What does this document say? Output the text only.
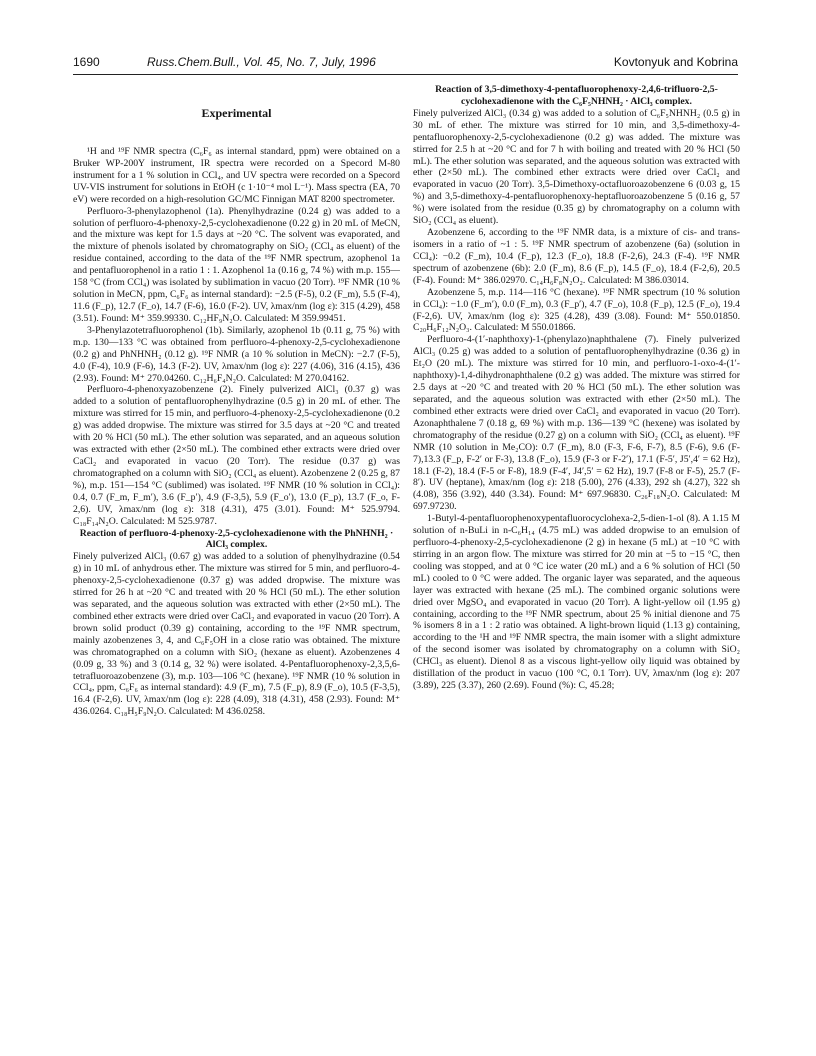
1690	Russ.Chem.Bull., Vol. 45, No. 7, July, 1996	Kovtonyuk and Kobrina
Experimental

¹H and ¹⁹F NMR spectra (C₆F₆ as internal standard, ppm) were obtained on a Bruker WP-200Y instrument, IR spectra were recorded on a Specord M-80 instrument for a 1 % solution in CCl₄, and UV spectra were recorded on a Specord UV-VIS instrument for solutions in EtOH (c 1·10⁻⁴ mol L⁻¹). Mass spectra (EA, 70 eV) were recorded on a high-resolution GC/MC Finnigan MAT 8200 spectrometer.

Perfluoro-3-phenylazophenol (1a). Phenylhydrazine (0.24 g) was added to a solution of perfluoro-4-phenoxy-2,5-cyclohexadienone (0.22 g) in 20 mL of MeCN, and the mixture was kept for 1.5 days at ~20 °C. The solvent was evaporated, and the mixture of phenols isolated by chromatography on SiO₂ (CCl₄ as eluent) of the residue contained, according to the data of the ¹⁹F NMR spectrum, azophenol 1a and pentafluorophenol in a ratio 1 : 1. Azophenol 1a (0.16 g, 74 %) with m.p. 155—158 °C (from CCl₄) was isolated by sublimation in vacuo (20 Torr). ¹⁹F NMR (10 % solution in MeCN, ppm, C₆F₆ as internal standard): −2.5 (F-5), 0.2 (F_m), 5.5 (F-4), 11.6 (F_p), 12.7 (F_o), 14.7 (F-6), 16.0 (F-2). UV, λmax/nm (log ε): 315 (4.29), 458 (3.51). Found: M⁺ 359.99330. C₁₂HF₉N₂O. Calculated: M 359.99451.

3-Phenylazotetrafluorophenol (1b). Similarly, azophenol 1b (0.11 g, 75 %) with m.p. 130—133 °C was obtained from perfluoro-4-phenoxy-2,5-cyclohexadienone (0.2 g) and PhNHNH₂ (0.12 g). ¹⁹F NMR (a 10 % solution in MeCN): −2.7 (F-5), 4.0 (F-4), 10.9 (F-6), 14.3 (F-2). UV, λmax/nm (log ε): 227 (4.06), 316 (4.15), 436 (2.93). Found: M⁺ 270.04260. C₁₂H₆F₄N₂O. Calculated: M 270.04162.

Perfluoro-4-phenoxyazobenzene (2). Finely pulverized AlCl₃ (0.37 g) was added to a solution of pentafluorophenylhydrazine (0.5 g) in 20 mL of ether. The mixture was stirred for 15 min, and perfluoro-4-phenoxy-2,5-cyclohexadienone (0.2 g) was added dropwise. The mixture was stirred for 3.5 days at ~20 °C and treated with 20 % HCl (50 mL). The ether solution was separated, and an aqueous solution was extracted with ether (2×50 mL). The combined ether extracts were dried over CaCl₂ and evaporated in vacuo (20 Torr). The residue (0.37 g) was chromatographed on a column with SiO₂ (CCl₄ as eluent). Azobenzene 2 (0.25 g, 87 %), m.p. 151—154 °C (sublimed) was isolated. ¹⁹F NMR (10 % solution in CCl₄): 0.4, 0.7 (F_m, F_m′), 3.6 (F_p′), 4.9 (F-3,5), 5.9 (F_o′), 13.0 (F_p), 13.7 (F_o, F-2,6). UV, λmax/nm (log ε): 318 (4.31), 475 (3.01). Found: M⁺ 525.9794. C₁₈F₁₄N₂O. Calculated: M 525.9787.

Reaction of perfluoro-4-phenoxy-2,5-cyclohexadienone with the PhNHNH₂ · AlCl₃ complex.

Finely pulverized AlCl₃ (0.67 g) was added to a solution of phenylhydrazine (0.54 g) in 10 mL of anhydrous ether. The mixture was stirred for 5 min, and perfluoro-4-phenoxy-2,5-cyclohexadienone (0.37 g) was added dropwise. The mixture was stirred for 26 h at ~20 °C and treated with 20 % HCl (50 mL). The ether solution was separated, and the aqueous solution was extracted with ether (2×50 mL). The combined ether extracts were dried over CaCl₂ and evaporated in vacuo (20 Torr). A brown solid product (0.39 g) containing, according to the ¹⁹F NMR spectrum, mainly azobenzenes 3, 4, and C₆F₅OH in a close ratio was obtained. The mixture was chromatographed on a column with SiO₂ (hexane as eluent). Azobenzenes 4 (0.09 g, 33 %) and 3 (0.14 g, 32 %) were isolated. 4-Pentafluorophenoxy-2,3,5,6-tetrafluoroazobenzene (3), m.p. 103—106 °C (hexane). ¹⁹F NMR (10 % solution in CCl₄, ppm, C₆F₆ as internal standard): 4.9 (F_m), 7.5 (F_p), 8.9 (F_o), 10.5 (F-3,5), 16.4 (F-2,6). UV, λmax/nm (log ε): 228 (4.09), 318 (4.31), 458 (2.93). Found: M⁺ 436.0264. C₁₈H₅F₉N₂O. Calculated: M 436.0258.

Reaction of 3,5-dimethoxy-4-pentafluorophenoxy-2,4,6-trifluoro-2,5-cyclohexadienone with the C₆F₅NHNH₂ · AlCl₃ complex.

Finely pulverized AlCl₃ (0.34 g) was added to a solution of C₆F₅NHNH₂ (0.5 g) in 30 mL of ether. The mixture was stirred for 10 min, and 3,5-dimethoxy-4-pentafluorophenoxy-2,5-cyclohexadienone (0.2 g) was added. The mixture was stirred for 2.5 h at ~20 °C and for 7 h with boiling and treated with 20 % HCl (50 mL). The ether solution was separated, and the aqueous solution was extracted with ether (2×50 mL). The combined ether extracts were dried over CaCl₂ and evaporated in vacuo (20 Torr). 3,5-Dimethoxy-octafluoroazobenzene 6 (0.03 g, 15 %) and 3,5-dimethoxy-4-pentafluorophenoxy-heptafluoroazobenzene 5 (0.16 g, 57 %) were isolated from the residue (0.35 g) by chromatography on a column with SiO₂ (CCl₄ as eluent).

Azobenzene 6, according to the ¹⁹F NMR data, is a mixture of cis- and trans-isomers in a ratio of ~1 : 5. ¹⁹F NMR spectrum of azobenzene (6a) (solution in CCl₄): −0.2 (F_m), 10.4 (F_p), 12.3 (F_o), 18.8 (F-2,6), 24.3 (F-4). ¹⁹F NMR spectrum of azobenzene (6b): 2.0 (F_m), 8.6 (F_p), 14.5 (F_o), 18.4 (F-2,6), 20.5 (F-4). Found: M⁺ 386.02970. C₁₄H₆F₈N₂O₂. Calculated: M 386.03014.

Azobenzene 5, m.p. 114—116 °C (hexane). ¹⁹F NMR spectrum (10 % solution in CCl₄): −1.0 (F_m′), 0.0 (F_m), 0.3 (F_p′), 4.7 (F_o), 10.8 (F_p), 12.5 (F_o), 19.4 (F-2,6). UV, λmax/nm (log ε): 325 (4.28), 439 (3.08). Found: M⁺ 550.01850. C₂₀H₆F₁₂N₂O₃. Calculated: M 550.01866.

Perfluoro-4-(1′-naphthoxy)-1-(phenylazo)naphthalene (7). Finely pulverized AlCl₃ (0.25 g) was added to a solution of pentafluorophenylhydrazine (0.36 g) in Et₂O (20 mL). The mixture was stirred for 10 min, and perfluoro-1-oxo-4-(1′-naphthoxy)-1,4-dihydronaphthalene (0.2 g) was added. The mixture was stirred for 2.5 days at ~20 °C and treated with 20 % HCl (50 mL). The ether solution was separated, and the aqueous solution was extracted with ether (2×50 mL). The combined ether extracts were dried over CaCl₂ and evaporated in vacuo (20 Torr). Azonaphthalene 7 (0.18 g, 69 %) with m.p. 136—139 °C (hexene) was isolated by chromatography of the residue (0.27 g) on a column with SiO₂ (CCl₄ as eluent). ¹⁹F NMR (10 solution in Me₂CO): 0.7 (F_m), 8.0 (F-3, F-6, F-7), 8.5 (F-6), 9.6 (F-7),13.3 (F_p, F-2′ or F-3), 13.8 (F_o), 15.9 (F-3 or F-2′), 17.1 (F-5′, J5′,4′ = 62 Hz), 18.1 (F-2), 18.4 (F-5 or F-8), 18.9 (F-4′, J4′,5′ = 62 Hz), 19.7 (F-8 or F-5), 25.7 (F-8′). UV (heptane), λmax/nm (log ε): 218 (5.00), 276 (4.33), 292 sh (4.27), 322 sh (4.08), 356 (3.92), 440 (3.34). Found: M⁺ 697.96830. C₂₆F₁₈N₂O. Calculated: M 697.97230.

1-Butyl-4-pentafluorophenoxypentafluorocyclohexa-2,5-dien-1-ol (8). A 1.15 M solution of n-BuLi in n-C₆H₁₄ (4.75 mL) was added dropwise to an emulsion of perfluoro-4-phenoxy-2,5-cyclohexadienone (2 g) in hexane (5 mL) at −10 °C with stirring in an argon flow. The mixture was stirred for 20 min at −5 to −15 °C, then cooling was stopped, and at 0 °C ice water (20 mL) and a 6 % solution of HCl (50 mL) cooled to 0 °C were added. The organic layer was separated, and the aqueous layer was extracted with hexane (25 mL). The combined organic solutions were dried over MgSO₄ and evaporated in vacuo (20 Torr). A light-yellow oil (1.95 g) containing, according to the ¹⁹F NMR spectrum, about 25 % initial dienone and 75 % isomers 8 in a 1 : 2 ratio was obtained. A light-brown liquid (1.13 g) containing, according to the ¹H and ¹⁹F NMR spectra, the main isomer with a slight admixture of the second isomer was isolated by chromatography on a column with SiO₂ (CHCl₃ as eluent). Dienol 8 as a viscous light-yellow oily liquid was obtained by distillation of the product in vacuo (100 °C, 0.1 Torr). UV, λmax/nm (log ε): 207 (3.89), 225 (3.37), 260 (2.69). Found (%): C, 45.28;
